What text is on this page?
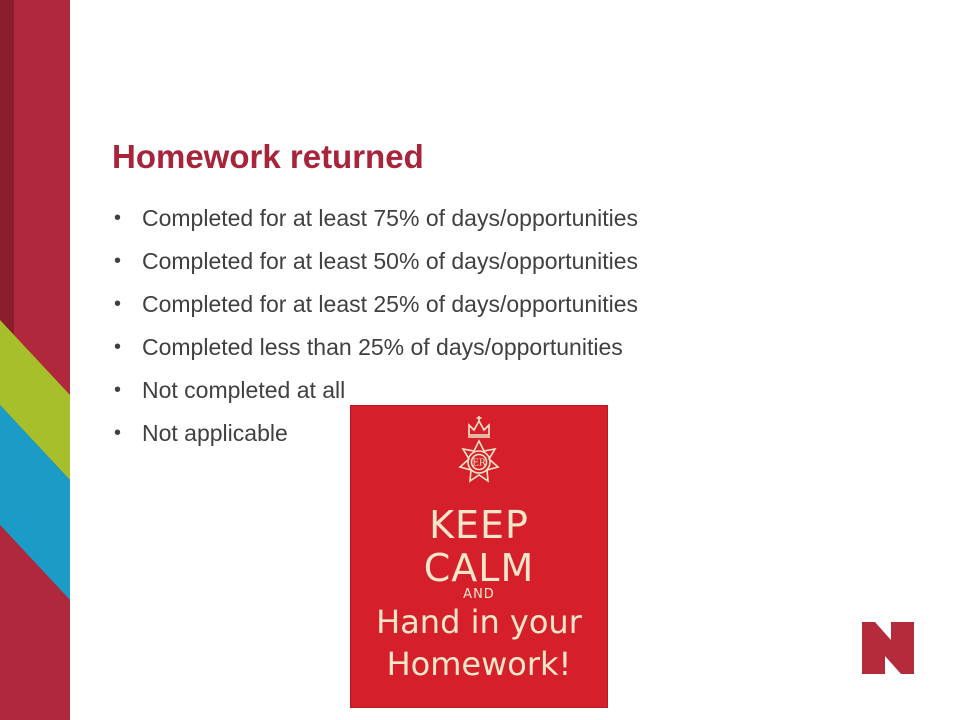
Homework returned
• Completed for at least 75% of days/opportunities
• Completed for at least 50% of days/opportunities
• Completed for at least 25% of days/opportunities
• Completed less than 25% of days/opportunities
• Not completed at all
• Not applicable
ER
KEEP
CALM
AND
Hand in your
Homework!
